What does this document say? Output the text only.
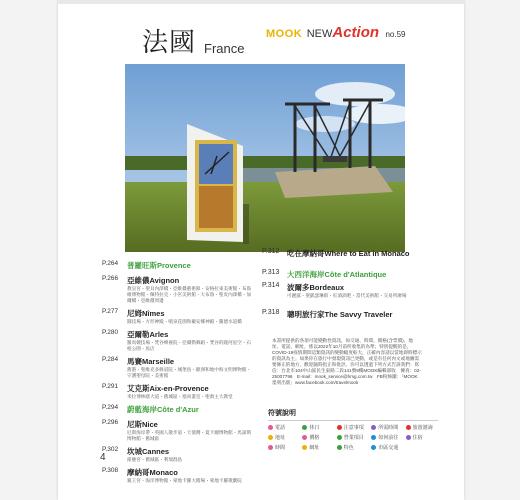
法國 France
MOOK NEWAction no.59
P.264	普羅旺斯Provence
P.266	亞維儂Avignon
教皇宮・聖貝內澤橋・亞維儂藝術節・安格拉東美術館・布魯維博物館・佩特拉克・小宮美術館・大布魯・聖皮內澤橋・加爾橋・亞維儂周邊
P.277	尼姆Nîmes
圓技場・方形神殿・噴泉花園和戴安娜神殿・羅德水道橋
P.280	亞爾勒Arles
羅馬競技場・梵谷療養院・亞爾勒舞蹈・梵谷的隆河星空・石棺公園・魚店
P.284	馬賽Marseille
舊港・聖維克多修道院・城堡島・歐洲和地中海文明博物館・守護聖母院・美術館
P.291	艾克斯Aix-en-Provence
米拉博林蔭大道・舊城區・塞尚畫室・聖救主大教堂
P.294	蔚藍海岸Côte d'Azur
P.296	尼斯Nice
尼斯海岸帶・英國人散步道・天使灣・夏卡爾博物館・馬諦斯博物館・舊城區
P.302	坎城Cannes
節慶宮・舊城區・利瑞群島
P.308	摩納哥Monaco
親王宮・海洋博物館・蒙地卡羅大賭場・蒙地卡羅歌劇院
P.312 吃在摩納哥Where to Eat in Monaco
P.313 大西洋海岸Côte d'Atlantique
P.314 波爾多Bordeaux
可麗露・聖凱瑟琳街・紅酒酒吧・當代美術館・交易所廣場
P.318 聰明旅行家The Savvy Traveler
本書所提供的各項可能變動性資訊，如交通、時間、價格(含票價)、地址、電話、網址，係以2022年10月前所收集的為準；特別提醒的是，COVID-19疫情期間這類資訊的變動幅度較大，正確內容請以當地即時標示的資訊為主。如果你在旅行中發現資訊已更動，或是有任何內文或地圖需要修正的地方，歡迎隨時指正和批評。你可以透過下列方式告訴我們：寫信：台北市104中山區民生東路二段141號9樓MOOK編輯部收　傳真：02-25007796　E-mail：mook_service@hmg.com.tw　FB粉絲團：「MOOK墨刻出版」www.facebook.com/travelmook
符號說明
電話	休日	注意事項	所需時間	旅遊諮詢
地址	價格	營業項目	如何前往	住宿
時間	網址	特色	市區交通
4
